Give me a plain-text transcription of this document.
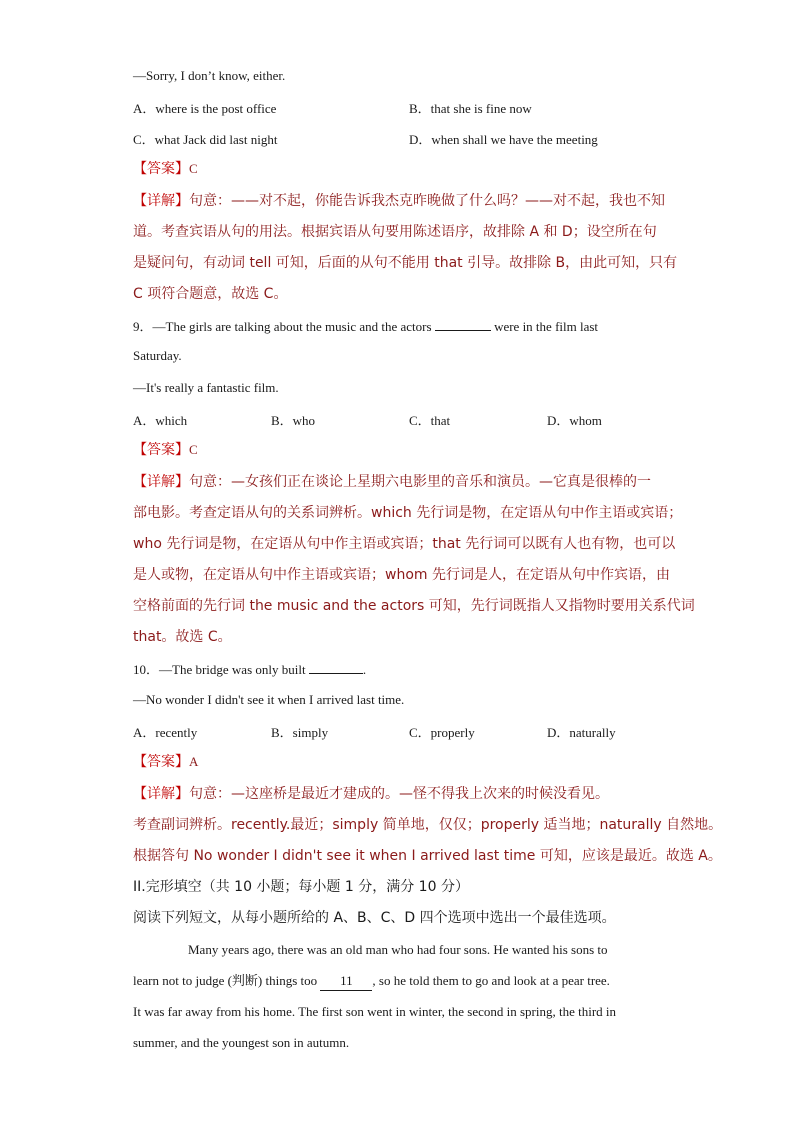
—Sorry, I don’t know, either.
A．where is the post office	B．that she is fine now
C．what Jack did last night	D．when shall we have the meeting
【答案】C
【详解】句意：——对不起，你能告诉我杰克昨晚做了什么吗？——对不起，我也不知
道。考查宾语从句的用法。根据宾语从句要用陈述语序，故排除 A 和 D；设空所在句
是疑问句，有动词 tell 可知，后面的从句不能用 that 引导。故排除 B，由此可知，只有
C 项符合题意，故选 C。
9．—The girls are talking about the music and the actors	were in the film last
Saturday.
—It's really a fantastic film.
A．which	B．who	C．that	D．whom
【答案】C
【详解】句意：—女孩们正在谈论上星期六电影里的音乐和演员。—它真是很棒的一
部电影。考查定语从句的关系词辨析。which 先行词是物，在定语从句中作主语或宾语；
who 先行词是物，在定语从句中作主语或宾语；that 先行词可以既有人也有物，也可以
是人或物，在定语从句中作主语或宾语；whom 先行词是人，在定语从句中作宾语，由
空格前面的先行词 the music and the actors 可知，先行词既指人又指物时要用关系代词
that。故选 C。
10．—The bridge was only built	.
—No wonder I didn't see it when I arrived last time.
A．recently	B．simply	C．properly	D．naturally
【答案】A
【详解】句意：—这座桥是最近才建成的。—怪不得我上次来的时候没看见。
考查副词辨析。recently.最近；simply 简单地，仅仅；properly 适当地；naturally 自然地。
根据答句 No wonder I didn't see it when I arrived last time 可知，应该是最近。故选 A。
II.完形填空（共 10 小题；每小题 1 分，满分 10 分）
阅读下列短文，从每小题所给的 A、B、C、D 四个选项中选出一个最佳选项。
Many years ago, there was an old man who had four sons. He wanted his sons to
learn not to judge (判断) things too 11 , so he told them to go and look at a pear tree.
It was far away from his home. The first son went in winter, the second in spring, the third in
summer, and the youngest son in autumn.
